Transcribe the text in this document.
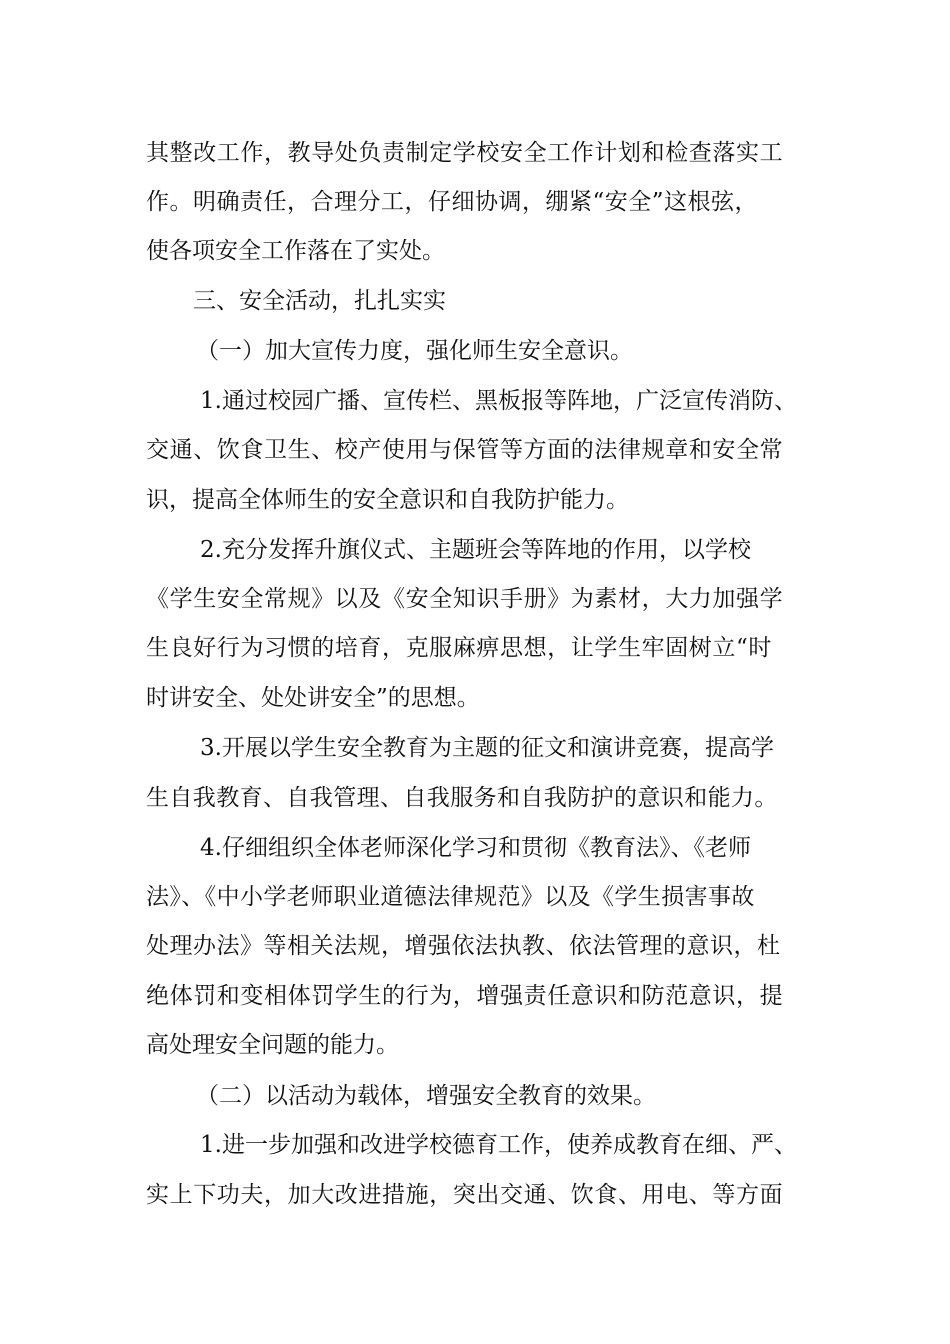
其整改工作，教导处负责制定学校安全工作计划和检查落实工
作。明确责任，合理分工，仔细协调，绷紧“安全”这根弦，
使各项安全工作落在了实处。
三、安全活动，扎扎实实
（一）加大宣传力度，强化师生安全意识。
1.通过校园广播、宣传栏、黑板报等阵地，广泛宣传消防、
交通、饮食卫生、校产使用与保管等方面的法律规章和安全常
识，提高全体师生的安全意识和自我防护能力。
2.充分发挥升旗仪式、主题班会等阵地的作用，以学校
《学生安全常规》以及《安全知识手册》为素材，大力加强学
生良好行为习惯的培育，克服麻痹思想，让学生牢固树立“时
时讲安全、处处讲安全”的思想。
3.开展以学生安全教育为主题的征文和演讲竞赛，提高学
生自我教育、自我管理、自我服务和自我防护的意识和能力。
4.仔细组织全体老师深化学习和贯彻《教育法》、《老师
法》、《中小学老师职业道德法律规范》以及《学生损害事故
处理办法》等相关法规，增强依法执教、依法管理的意识，杜
绝体罚和变相体罚学生的行为，增强责任意识和防范意识，提
高处理安全问题的能力。
（二）以活动为载体，增强安全教育的效果。
1.进一步加强和改进学校德育工作，使养成教育在细、严、
实上下功夫，加大改进措施，突出交通、饮食、用电、等方面
